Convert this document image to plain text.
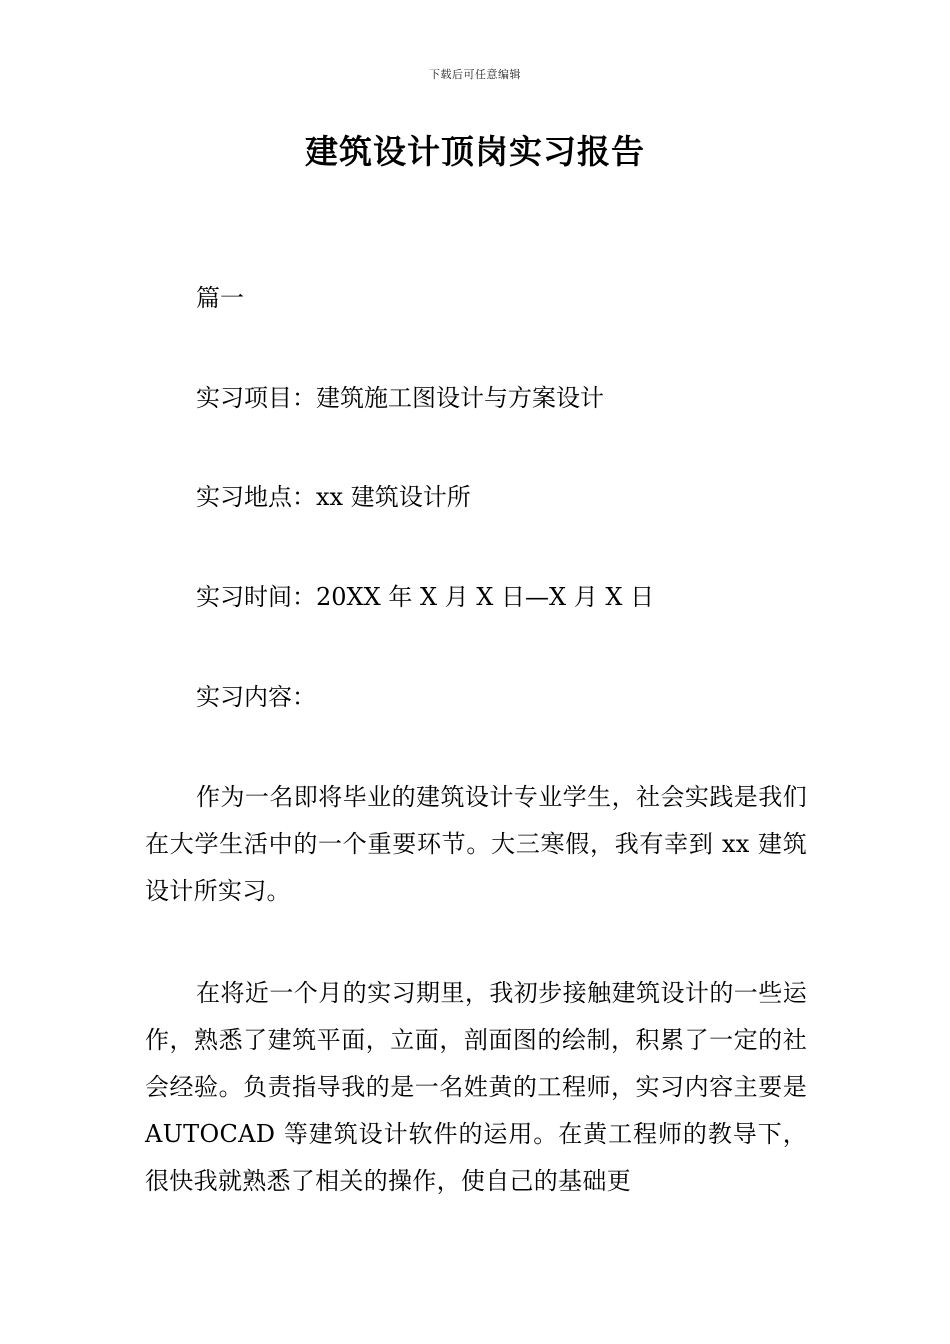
下载后可任意编辑
建筑设计顶岗实习报告
篇一
实习项目：建筑施工图设计与方案设计
实习地点：xx 建筑设计所
实习时间：20XX 年 X 月 X 日—X 月 X 日
实习内容：
作为一名即将毕业的建筑设计专业学生，社会实践是我们在大学生活中的一个重要环节。大三寒假，我有幸到 xx 建筑设计所实习。
在将近一个月的实习期里，我初步接触建筑设计的一些运作，熟悉了建筑平面，立面，剖面图的绘制，积累了一定的社会经验。负责指导我的是一名姓黄的工程师，实习内容主要是 AUTOCAD 等建筑设计软件的运用。在黄工程师的教导下，很快我就熟悉了相关的操作，使自己的基础更
